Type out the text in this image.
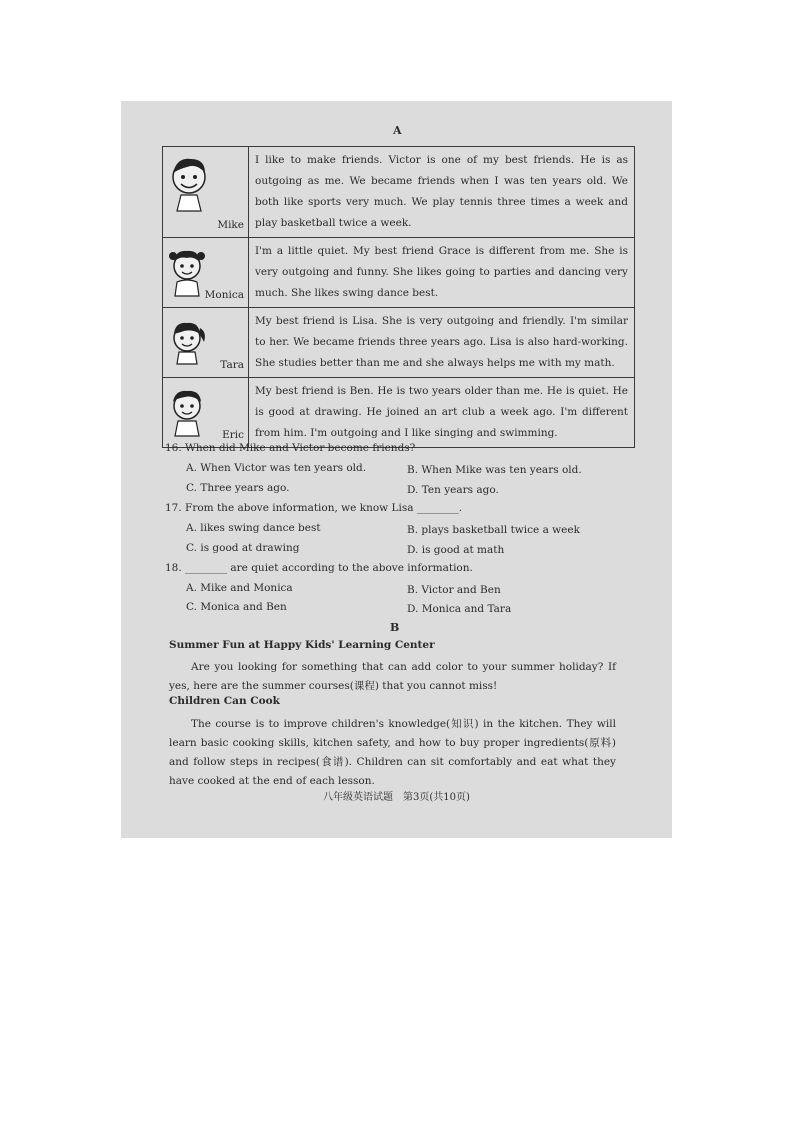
A
Mike	I like to make friends. Victor is one of my best friends. He is as outgoing as me. We became friends when I was ten years old. We both like sports very much. We play tennis three times a week and play basketball twice a week.

Monica	I'm a little quiet. My best friend Grace is different from me. She is very outgoing and funny. She likes going to parties and dancing very much. She likes swing dance best.

Tara	My best friend is Lisa. She is very outgoing and friendly. I'm similar to her. We became friends three years ago. Lisa is also hard-working. She studies better than me and she always helps me with my math.

Eric	My best friend is Ben. He is two years older than me. He is quiet. He is good at drawing. He joined an art club a week ago. I'm different from him. I'm outgoing and I like singing and swimming.
16. When did Mike and Victor become friends?
A. When Victor was ten years old.	B. When Mike was ten years old.
C. Three years ago.	D. Ten years ago.
17. From the above information, we know Lisa ________.
A. likes swing dance best	B. plays basketball twice a week
C. is good at drawing	D. is good at math
18. ________ are quiet according to the above information.
A. Mike and Monica	B. Victor and Ben
C. Monica and Ben	D. Monica and Tara
B
Summer Fun at Happy Kids' Learning Center
Are you looking for something that can add color to your summer holiday? If yes, here are the summer courses(课程) that you cannot miss!
Children Can Cook
The course is to improve children's knowledge(知识) in the kitchen. They will learn basic cooking skills, kitchen safety, and how to buy proper ingredients(原料) and follow steps in recipes(食谱). Children can sit comfortably and eat what they have cooked at the end of each lesson.
八年级英语试题　第3页(共10页)
